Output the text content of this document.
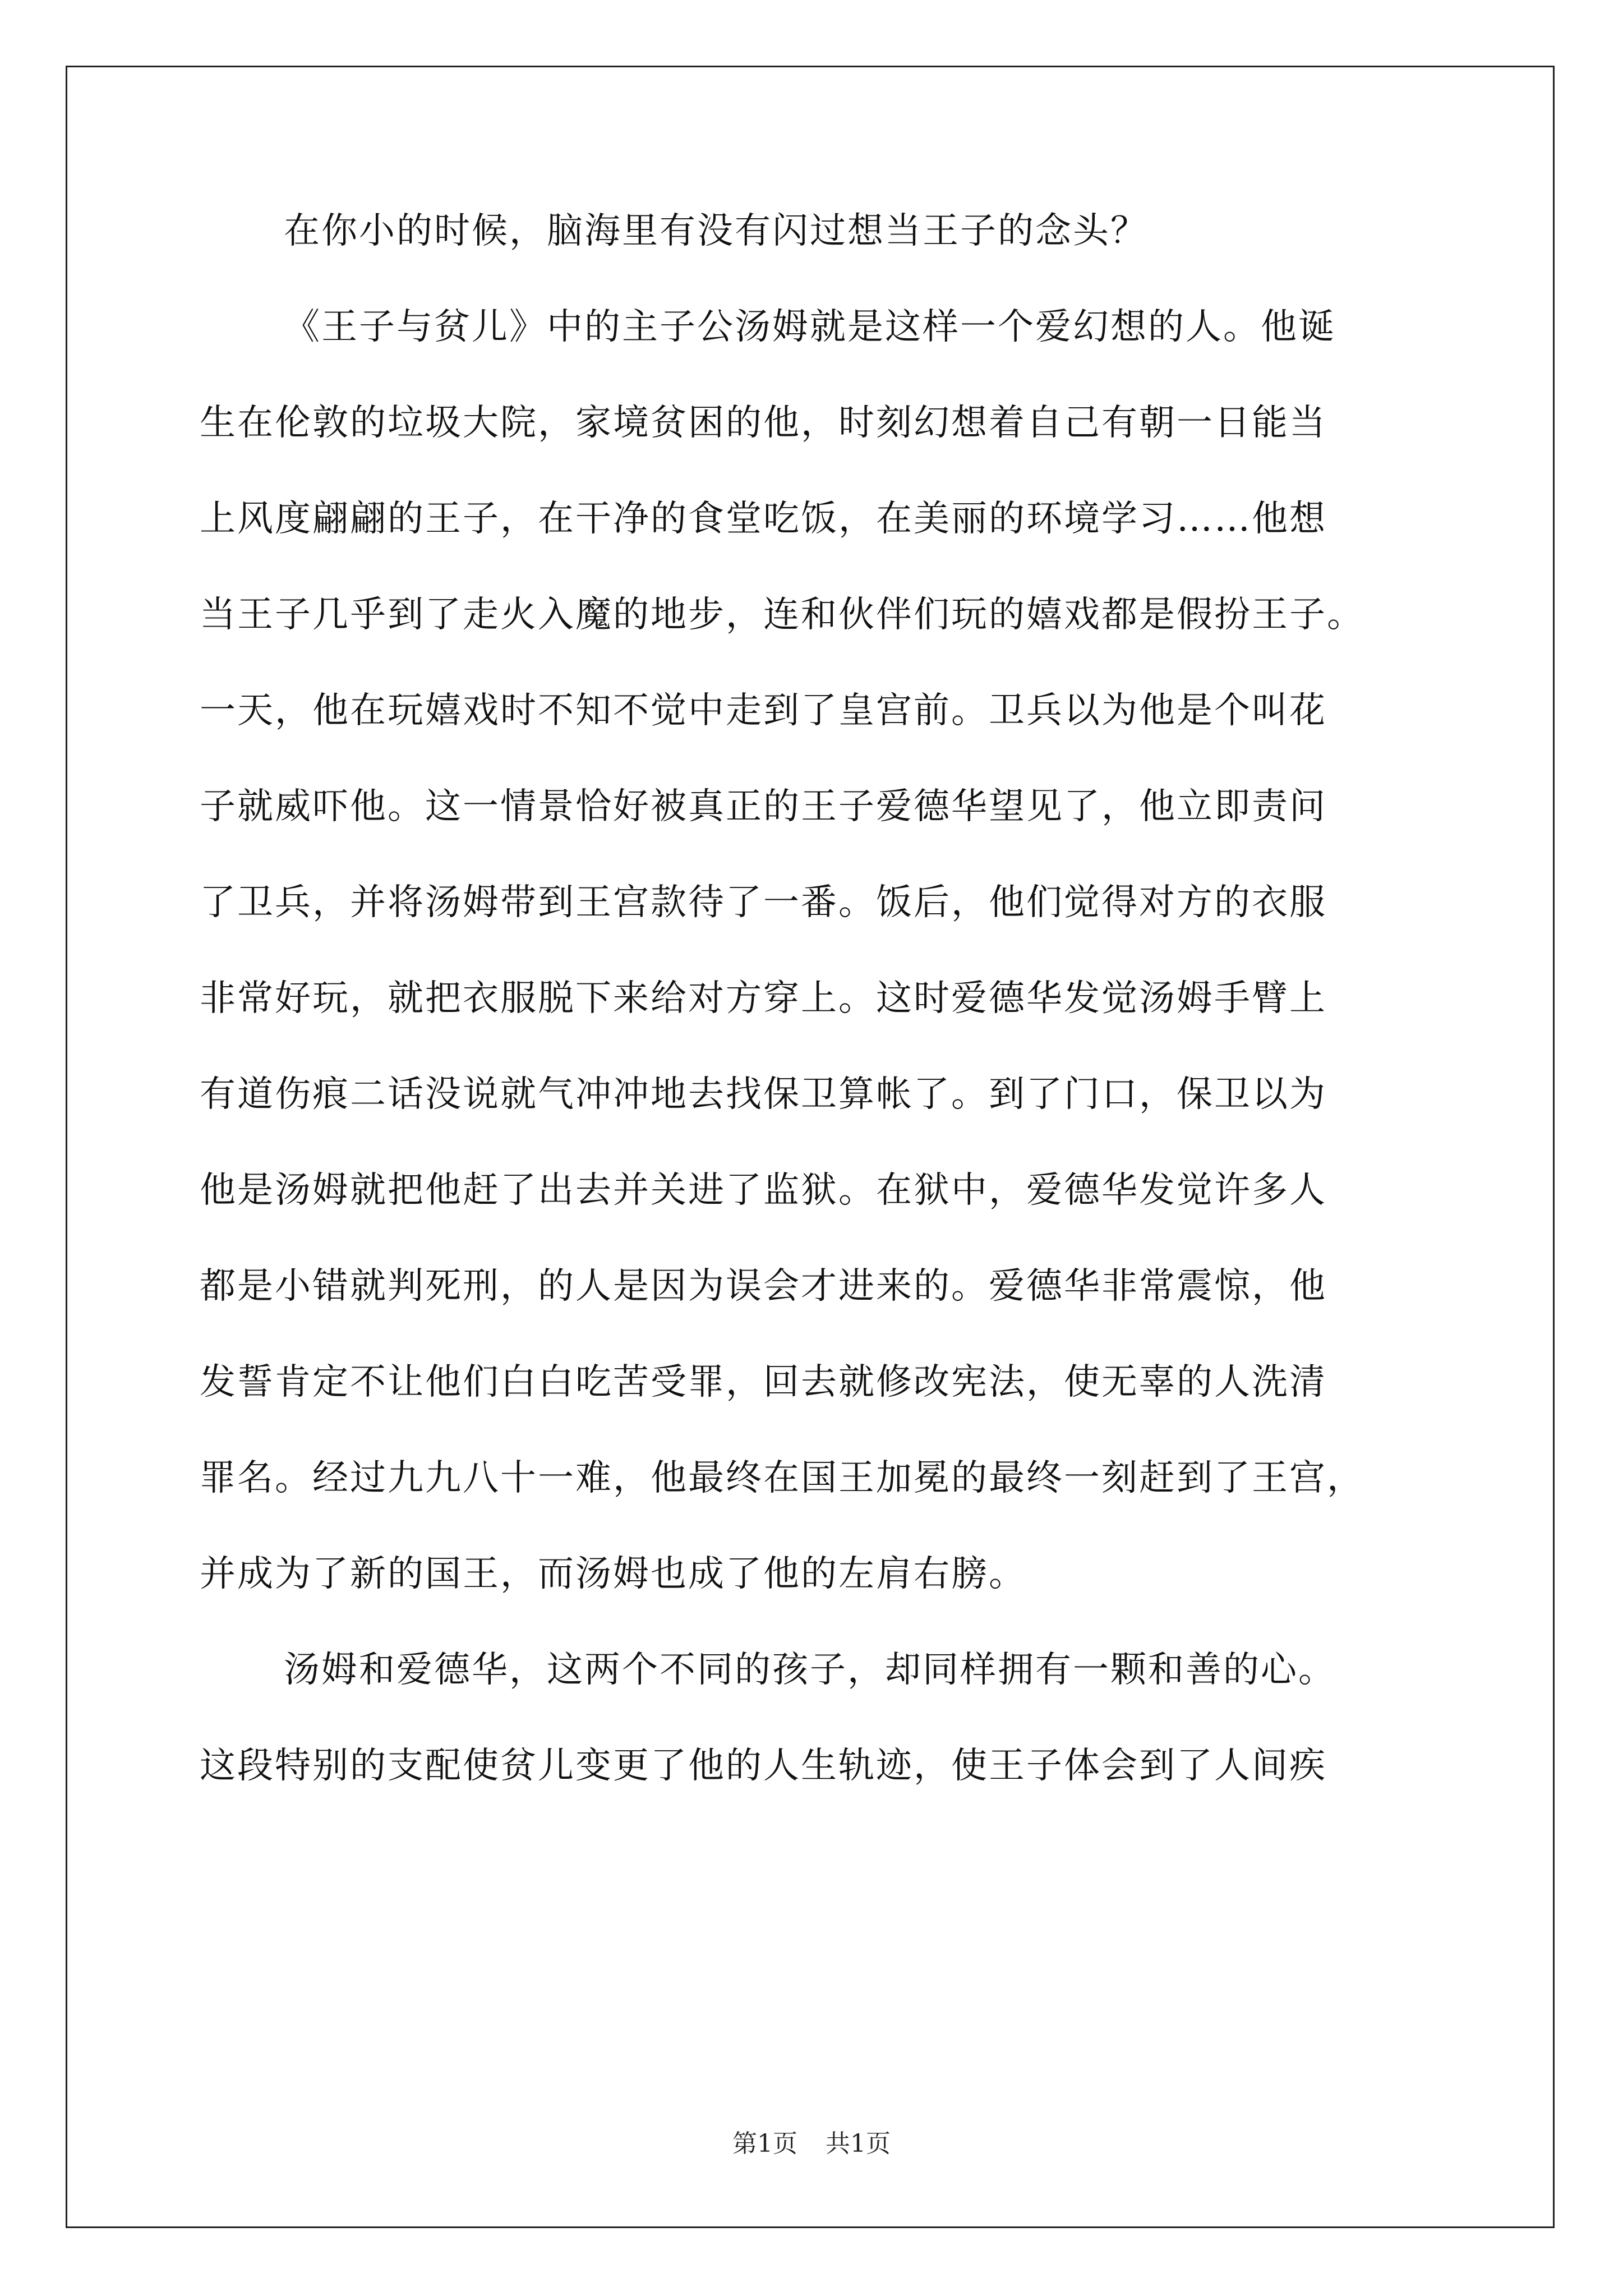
在你小的时候，脑海里有没有闪过想当王子的念头？
《王子与贫儿》中的主子公汤姆就是这样一个爱幻想的人。他诞
生在伦敦的垃圾大院，家境贫困的他，时刻幻想着自己有朝一日能当
上风度翩翩的王子，在干净的食堂吃饭，在美丽的环境学习……他想
当王子几乎到了走火入魔的地步，连和伙伴们玩的嬉戏都是假扮王子。
一天，他在玩嬉戏时不知不觉中走到了皇宫前。卫兵以为他是个叫花
子就威吓他。这一情景恰好被真正的王子爱德华望见了，他立即责问
了卫兵，并将汤姆带到王宫款待了一番。饭后，他们觉得对方的衣服
非常好玩，就把衣服脱下来给对方穿上。这时爱德华发觉汤姆手臂上
有道伤痕二话没说就气冲冲地去找保卫算帐了。到了门口，保卫以为
他是汤姆就把他赶了出去并关进了监狱。在狱中，爱德华发觉许多人
都是小错就判死刑，的人是因为误会才进来的。爱德华非常震惊，他
发誓肯定不让他们白白吃苦受罪，回去就修改宪法，使无辜的人洗清
罪名。经过九九八十一难，他最终在国王加冕的最终一刻赶到了王宫，
并成为了新的国王，而汤姆也成了他的左肩右膀。
汤姆和爱德华，这两个不同的孩子，却同样拥有一颗和善的心。
这段特别的支配使贫儿变更了他的人生轨迹，使王子体会到了人间疾
第1页 共1页
